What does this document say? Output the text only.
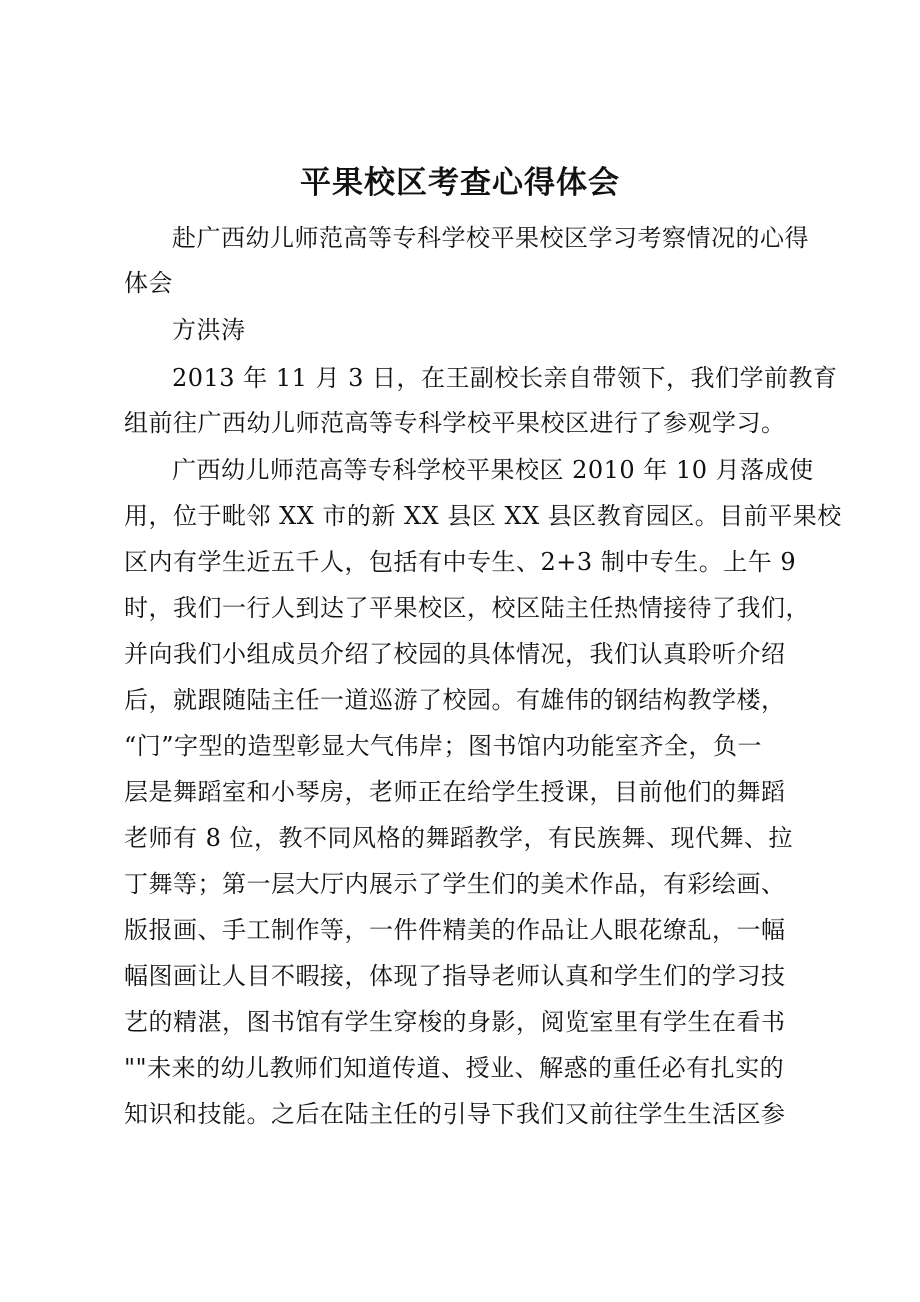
平果校区考查心得体会
赴广西幼儿师范高等专科学校平果校区学习考察情况的心得
体会
方洪涛
2013 年 11 月 3 日，在王副校长亲自带领下，我们学前教育
组前往广西幼儿师范高等专科学校平果校区进行了参观学习。
广西幼儿师范高等专科学校平果校区 2010 年 10 月落成使
用，位于毗邻 XX 市的新 XX 县区 XX 县区教育园区。目前平果校
区内有学生近五千人，包括有中专生、2+3 制中专生。上午 9
时，我们一行人到达了平果校区，校区陆主任热情接待了我们，
并向我们小组成员介绍了校园的具体情况，我们认真聆听介绍
后，就跟随陆主任一道巡游了校园。有雄伟的钢结构教学楼，
“门”字型的造型彰显大气伟岸；图书馆内功能室齐全，负一
层是舞蹈室和小琴房，老师正在给学生授课，目前他们的舞蹈
老师有 8 位，教不同风格的舞蹈教学，有民族舞、现代舞、拉
丁舞等；第一层大厅内展示了学生们的美术作品，有彩绘画、
版报画、手工制作等，一件件精美的作品让人眼花缭乱，一幅
幅图画让人目不暇接，体现了指导老师认真和学生们的学习技
艺的精湛，图书馆有学生穿梭的身影，阅览室里有学生在看书
""未来的幼儿教师们知道传道、授业、解惑的重任必有扎实的
知识和技能。之后在陆主任的引导下我们又前往学生生活区参
